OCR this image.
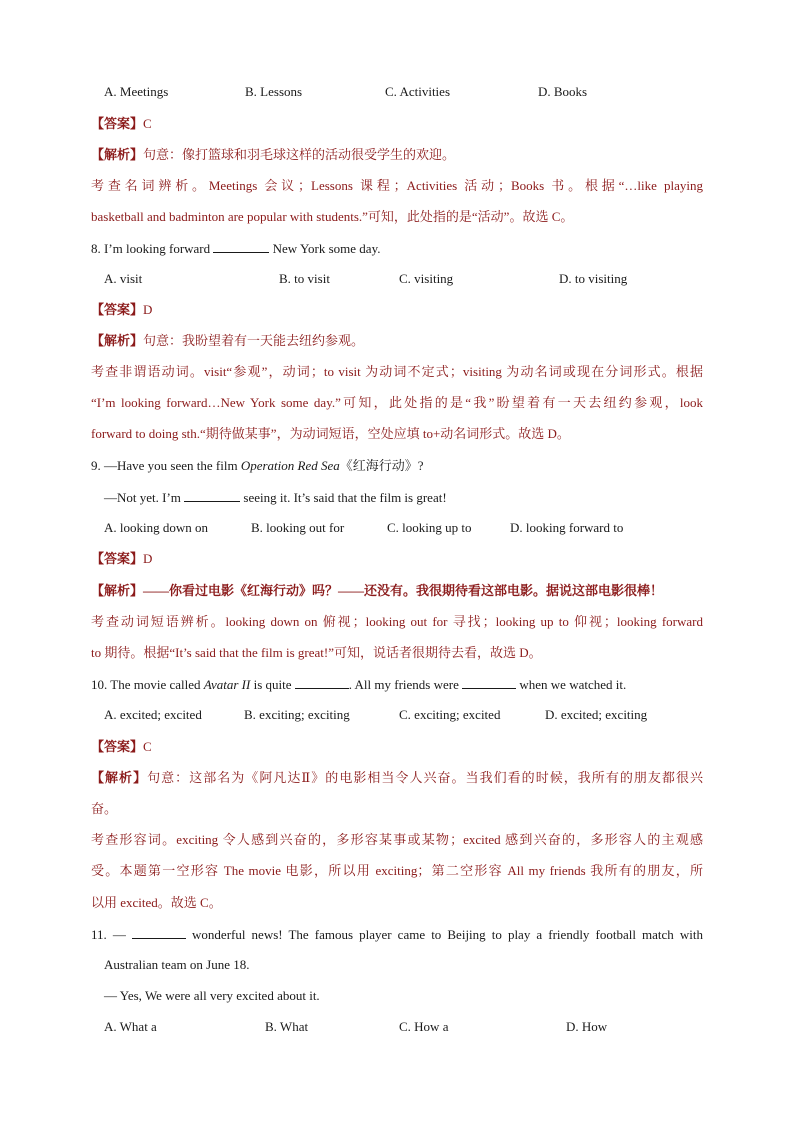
A. Meetings	B. Lessons	C. Activities	D. Books
【答案】C
【解析】句意：像打篮球和羽毛球这样的活动很受学生的欢迎。
考查名词辨析。Meetings 会议；Lessons 课程；Activities 活动；Books 书。根据“…like playing
basketball and badminton are popular with students.”可知，此处指的是“活动”。故选 C。
8. I’m looking forward	New York some day.
A. visit	B. to visit	C. visiting	D. to visiting
【答案】D
【解析】句意：我盼望着有一天能去纽约参观。
考查非谓语动词。visit“参观”，动词；to visit 为动词不定式；visiting 为动名词或现在分词形式。根据
“I’m looking forward…New York some day.”可知，此处指的是“我”盼望着有一天去纽约参观，look
forward to doing sth.“期待做某事”，为动词短语，空处应填 to+动名词形式。故选 D。
9. —Have you seen the film Operation Red Sea《红海行动》?
—Not yet. I’m	seeing it. It’s said that the film is great!
A. looking down on	B. looking out for	C. looking up to	D. looking forward to
【答案】D
【解析】——你看过电影《红海行动》吗？——还没有。我很期待看这部电影。据说这部电影很棒！
考查动词短语辨析。looking down on 俯视；looking out for 寻找；looking up to 仰视；looking forward
to 期待。根据“It’s said that the film is great!”可知，说话者很期待去看，故选 D。
10. The movie called Avatar II is quite	. All my friends were	when we watched it.
A. excited; excited	B. exciting; exciting	C. exciting; excited	D. excited; exciting
【答案】C
【解析】句意：这部名为《阿凡达Ⅱ》的电影相当令人兴奋。当我们看的时候，我所有的朋友都很兴
奋。
考查形容词。exciting 令人感到兴奋的，多形容某事或某物；excited 感到兴奋的，多形容人的主观感
受。本题第一空形容 The movie 电影，所以用 exciting；第二空形容 All my friends 我所有的朋友，所
以用 excited。故选 C。
11. —	wonderful news! The famous player came to Beijing to play a friendly football match with
Australian team on June 18.
— Yes, We were all very excited about it.
A. What a	B. What	C. How a	D. How
